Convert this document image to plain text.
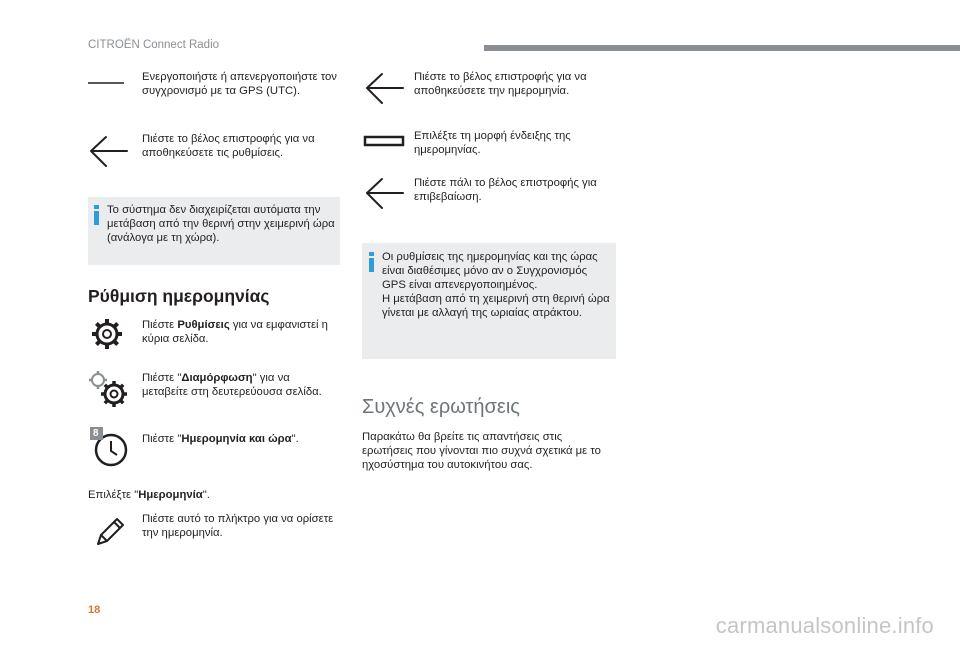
CITROËN Connect Radio
Ενεργοποιήστε ή απενεργοποιήστε τον συγχρονισμό με τα GPS (UTC).
Πιέστε το βέλος επιστροφής για να αποθηκεύσετε τις ρυθμίσεις.
Το σύστημα δεν διαχειρίζεται αυτόματα την μετάβαση από την θερινή στην χειμερινή ώρα (ανάλογα με τη χώρα).
Ρύθμιση ημερομηνίας
Πιέστε Ρυθμίσεις για να εμφανιστεί η κύρια σελίδα.
Πιέστε "Διαμόρφωση" για να μεταβείτε στη δευτερεύουσα σελίδα.
8	Πιέστε "Ημερομηνία και ώρα".
Επιλέξτε "Ημερομηνία".
Πιέστε αυτό το πλήκτρο για να ορίσετε την ημερομηνία.
Πιέστε το βέλος επιστροφής για να αποθηκεύσετε την ημερομηνία.
Επιλέξτε τη μορφή ένδειξης της ημερομηνίας.
Πιέστε πάλι το βέλος επιστροφής για επιβεβαίωση.
Οι ρυθμίσεις της ημερομηνίας και της ώρας είναι διαθέσιμες μόνο αν ο Συγχρονισμός GPS είναι απενεργοποιημένος.
Η μετάβαση από τη χειμερινή στη θερινή ώρα γίνεται με αλλαγή της ωριαίας ατράκτου.
Συχνές ερωτήσεις
Παρακάτω θα βρείτε τις απαντήσεις στις ερωτήσεις που γίνονται πιο συχνά σχετικά με το ηχοσύστημα του αυτοκινήτου σας.
18
carmanualsonline.info
